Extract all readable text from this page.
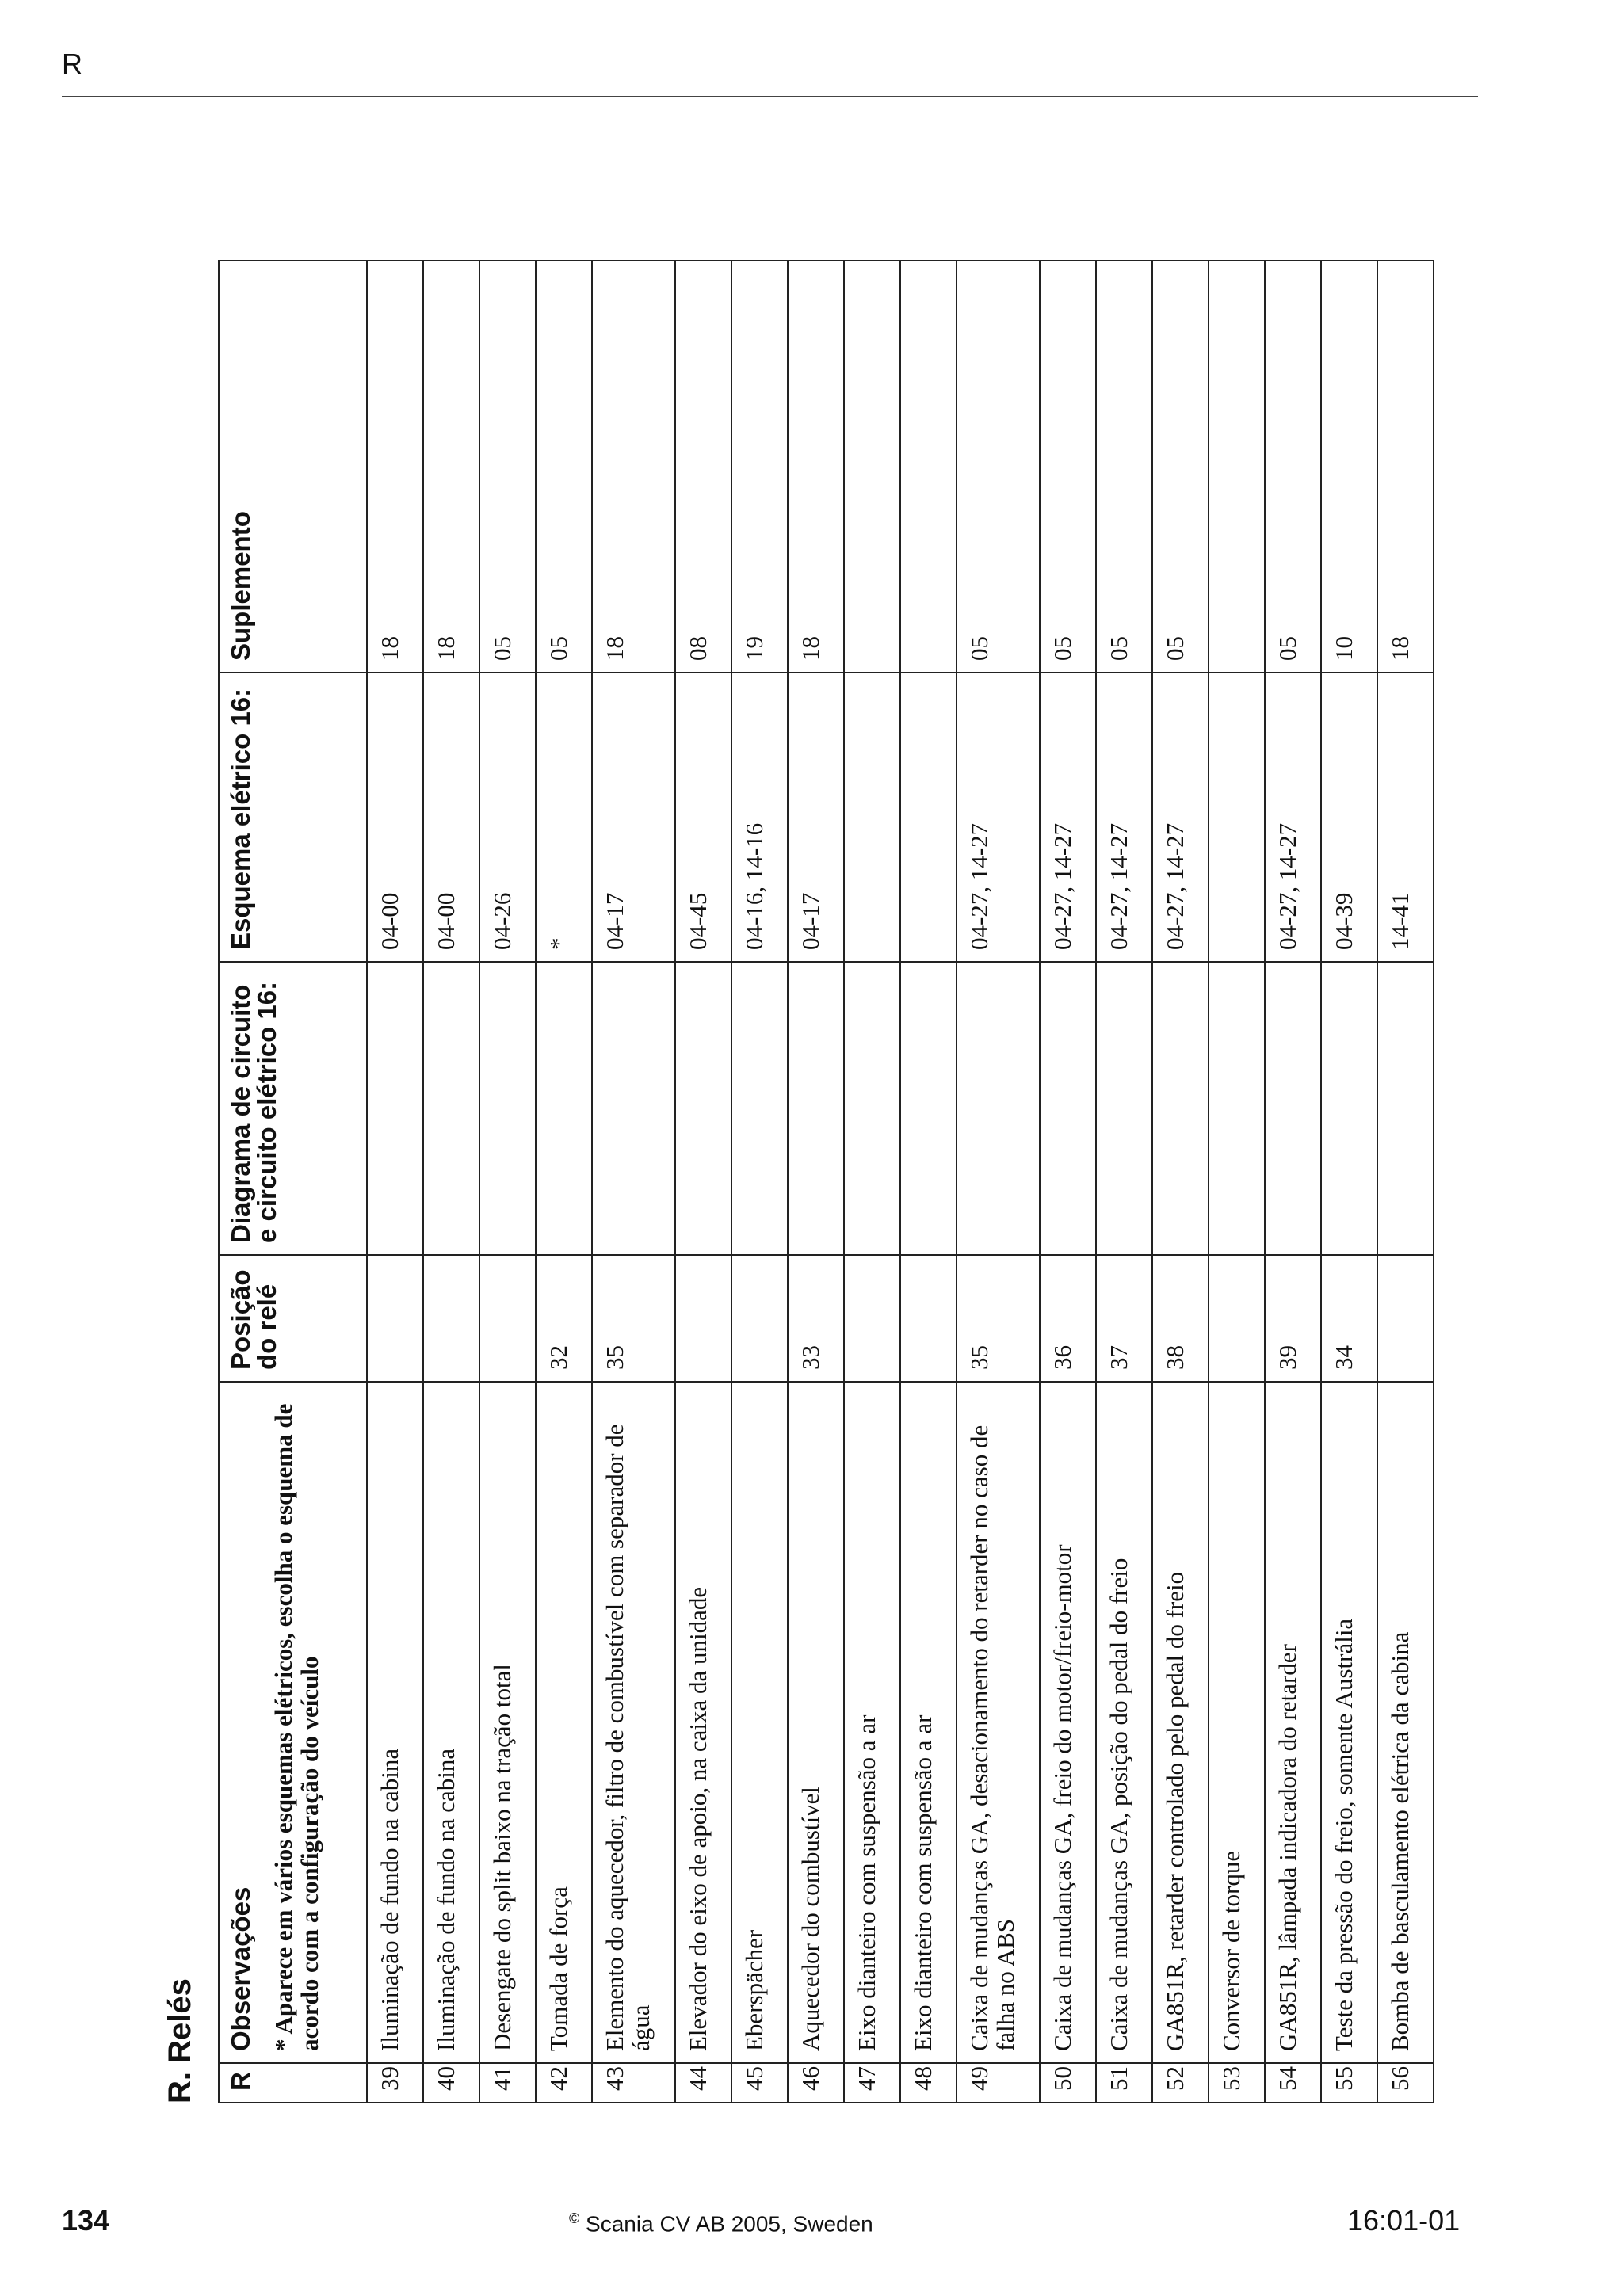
R
R. Relés R	Observações * Aparece em vários esquemas elétricos, escolha o esquema de acordo com a configuração do veículo	Posição do relé	Diagrama de circuito e circuito elétrico 16:	Esquema elétrico 16:	Suplemento
39	Iluminação de fundo na cabina			04-00	18
40	Iluminação de fundo na cabina			04-00	18
41	Desengate do split baixo na tração total			04-26	05
42	Tomada de força	32		*	05
43	Elemento do aquecedor, filtro de combustível com separador de água	35		04-17	18
44	Elevador do eixo de apoio, na caixa da unidade			04-45	08
45	Eberspächer			04-16, 14-16	19
46	Aquecedor do combustível	33		04-17	18
47	Eixo dianteiro com suspensão a ar				
48	Eixo dianteiro com suspensão a ar				
49	Caixa de mudanças GA, desacionamento do retarder no caso de falha no ABS	35		04-27, 14-27	05
50	Caixa de mudanças GA, freio do motor/freio-motor	36		04-27, 14-27	05
51	Caixa de mudanças GA, posição do pedal do freio	37		04-27, 14-27	05
52	GA851R, retarder controlado pelo pedal do freio	38		04-27, 14-27	05
53	Conversor de torque				
54	GA851R, lâmpada indicadora do retarder	39		04-27, 14-27	05
55	Teste da pressão do freio, somente Austrália	34		04-39	10
56	Bomba de basculamento elétrica da cabina			14-41	18
134	© Scania CV AB 2005, Sweden	16:01-01
